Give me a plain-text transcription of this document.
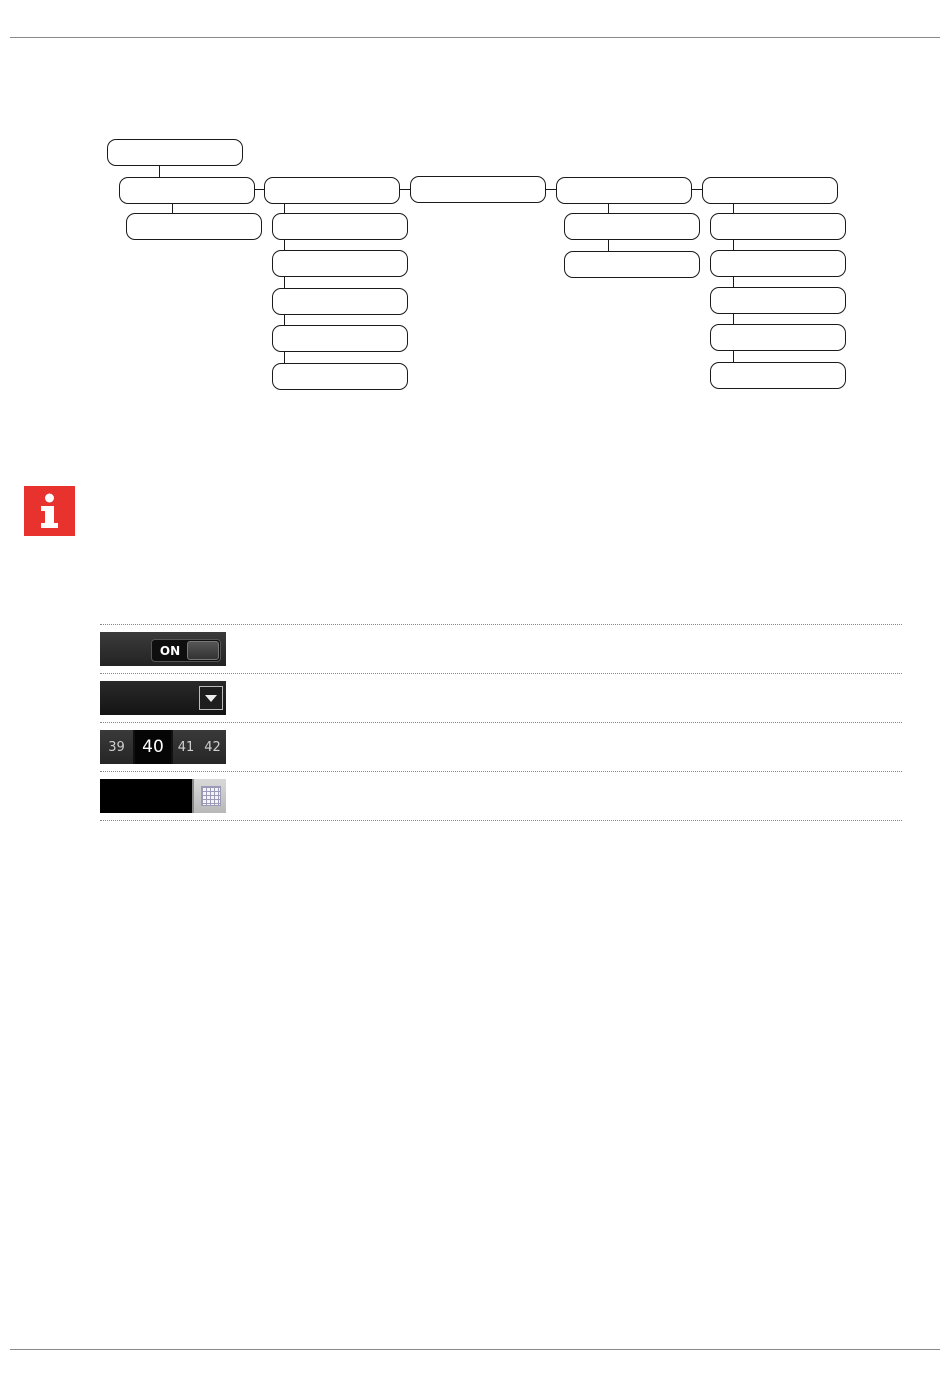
ON
39	40	41 42
